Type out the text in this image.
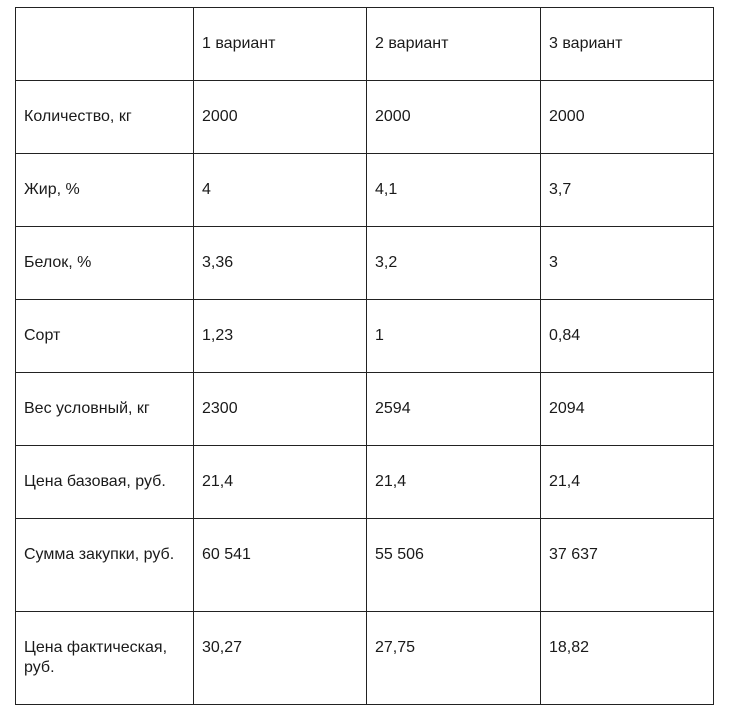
	1 вариант	2 вариант	3 вариант
Количество, кг	2000	2000	2000
Жир, %	4	4,1	3,7
Белок, %	3,36	3,2	3
Сорт	1,23	1	0,84
Вес условный, кг	2300	2594	2094
Цена базовая, руб.	21,4	21,4	21,4
Сумма закупки, руб.	60 541	55 506	37 637
Цена фактическая, руб.	30,27	27,75	18,82
